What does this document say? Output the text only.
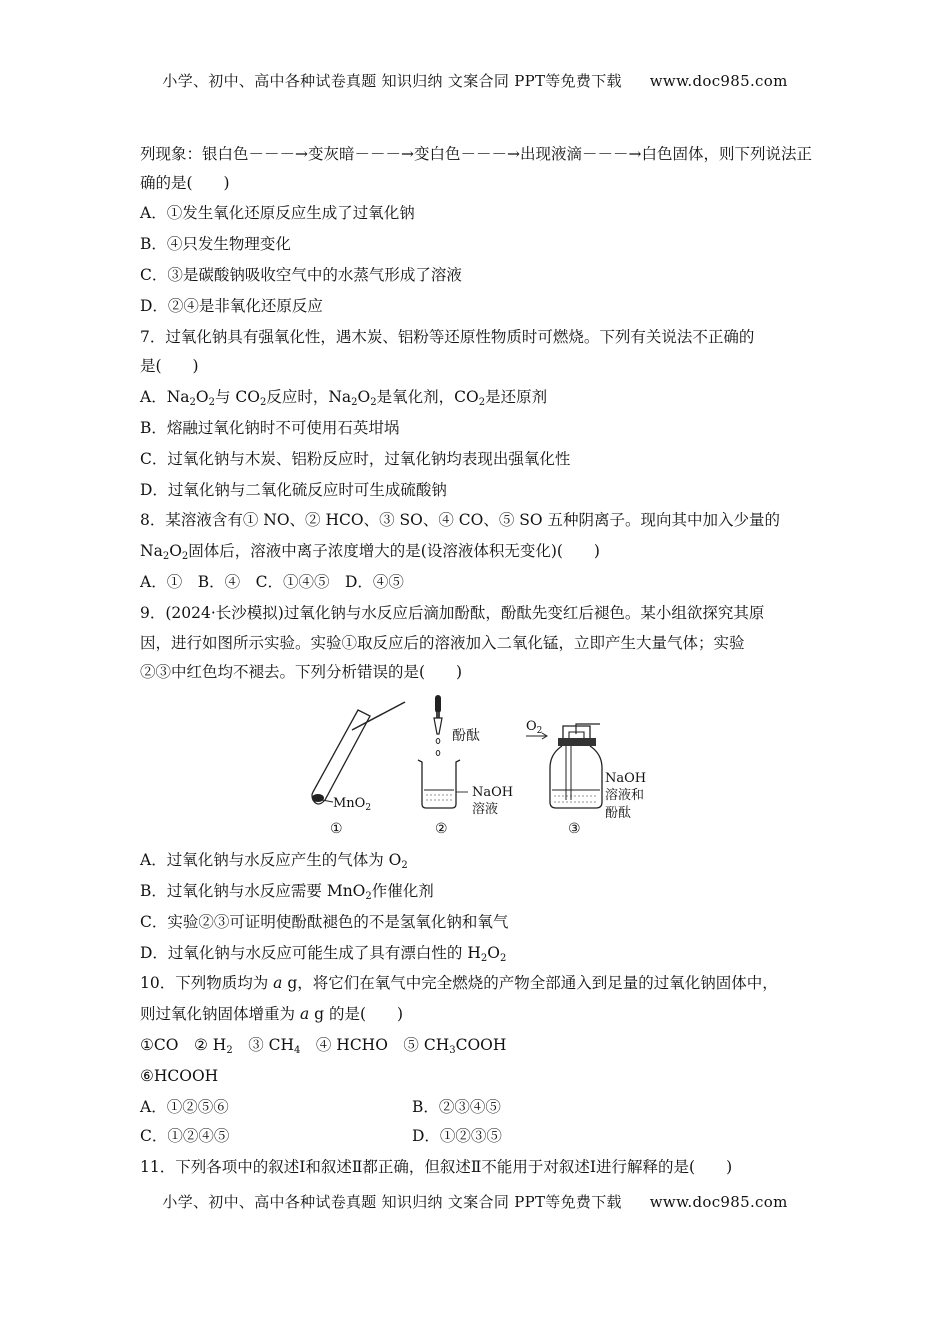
小学、初中、高中各种试卷真题 知识归纳 文案合同 PPT等免费下载 www.doc985.com
列现象：银白色－－－→变灰暗－－－→变白色－－－→出现液滴－－－→白色固体，则下列说法正
确的是(　　)
A．①发生氧化还原反应生成了过氧化钠
B．④只发生物理变化
C．③是碳酸钠吸收空气中的水蒸气形成了溶液
D．②④是非氧化还原反应
7．过氧化钠具有强氧化性，遇木炭、铝粉等还原性物质时可燃烧。下列有关说法不正确的
是(　　)
A．$Na_2O_2$与 $CO_2$反应时，$Na_2O_2$是氧化剂，$CO_2$是还原剂
B．熔融过氧化钠时不可使用石英坩埚
C．过氧化钠与木炭、铝粉反应时，过氧化钠均表现出强氧化性
D．过氧化钠与二氧化硫反应时可生成硫酸钠
8．某溶液含有① NO、② HCO、③ SO、④ CO、⑤ SO 五种阴离子。现向其中加入少量的
$Na_2O_2$固体后，溶液中离子浓度增大的是(设溶液体积无变化)(　　)
A．①　B．④　C．①④⑤　D．④⑤
9．(2024·长沙模拟)过氧化钠与水反应后滴加酚酞，酚酞先变红后褪色。某小组欲探究其原
因，进行如图所示实验。实验①取反应后的溶液加入二氧化锰，立即产生大量气体；实验
②③中红色均不褪去。下列分析错误的是(　　)
MnO$_2$
①
酚酞
NaOH
溶液
②
$O_2$
NaOH
溶液和
酚酞
③
A．过氧化钠与水反应产生的气体为 $O_2$
B．过氧化钠与水反应需要 MnO$_2$作催化剂
C．实验②③可证明使酚酞褪色的不是氢氧化钠和氧气
D．过氧化钠与水反应可能生成了具有漂白性的 $H_2O_2$
10．下列物质均为 a g，将它们在氧气中完全燃烧的产物全部通入到足量的过氧化钠固体中，
则过氧化钠固体增重为 a g 的是(　　)
①CO　② $H_2$　③ $CH_4$　④ HCHO　⑤ $CH_3COOH$
⑥HCOOH
A．①②⑤⑥	B．②③④⑤
C．①②④⑤	D．①②③⑤
11．下列各项中的叙述Ⅰ和叙述Ⅱ都正确，但叙述Ⅱ不能用于对叙述Ⅰ进行解释的是(　　)
小学、初中、高中各种试卷真题 知识归纳 文案合同 PPT等免费下载 www.doc985.com
